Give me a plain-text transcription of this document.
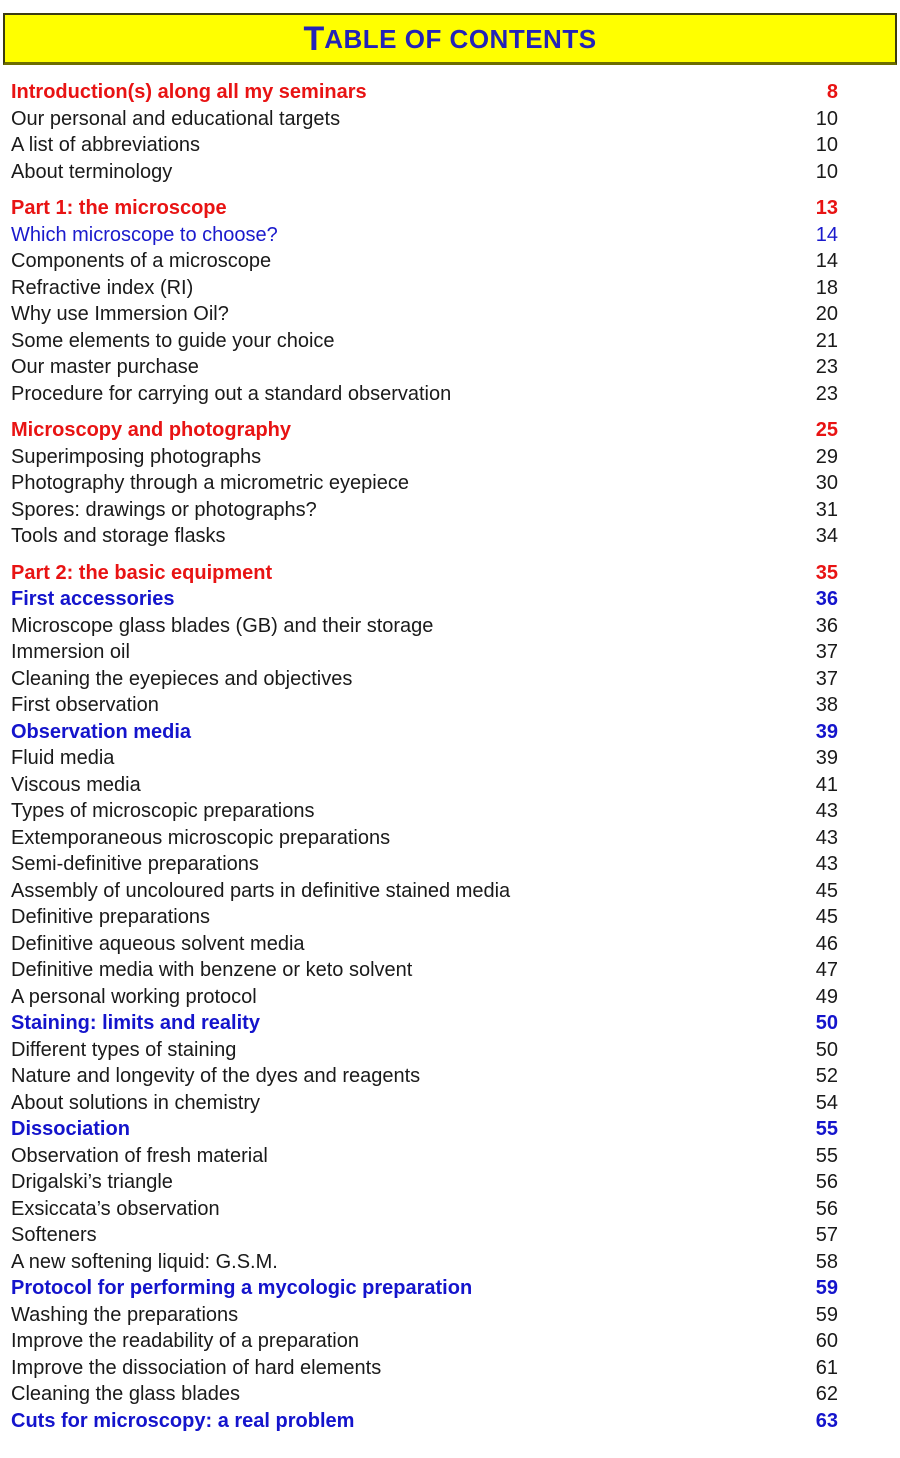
T ABLE OF CONTENTS
Introduction(s) along all my seminars	8
Our personal and educational targets	10
A list of abbreviations	10
About terminology	10
Part 1: the microscope	13
Which microscope to choose?	14
Components of a microscope	14
Refractive index (RI)	18
Why use Immersion Oil?	20
Some elements to guide your choice	21
Our master purchase	23
Procedure for carrying out a standard observation	23
Microscopy and photography	25
Superimposing photographs	29
Photography through a micrometric eyepiece	30
Spores: drawings or photographs?	31
Tools and storage flasks	34
Part 2: the basic equipment	35
First accessories	36
Microscope glass blades (GB) and their storage	36
Immersion oil	37
Cleaning the eyepieces and objectives	37
First observation	38
Observation media	39
Fluid media	39
Viscous media	41
Types of microscopic preparations	43
Extemporaneous microscopic preparations	43
Semi-definitive preparations	43
Assembly of uncoloured parts in definitive stained media	45
Definitive preparations	45
Definitive aqueous solvent media	46
Definitive media with benzene or keto solvent	47
A personal working protocol	49
Staining: limits and reality	50
Different types of staining	50
Nature and longevity of the dyes and reagents	52
About solutions in chemistry	54
Dissociation	55
Observation of fresh material	55
Drigalski’s triangle	56
Exsiccata’s observation	56
Softeners	57
A new softening liquid: G.S.M.	58
Protocol for performing a mycologic preparation	59
Washing the preparations	59
Improve the readability of a preparation	60
Improve the dissociation of hard elements	61
Cleaning the glass blades	62
Cuts for microscopy: a real problem	63
